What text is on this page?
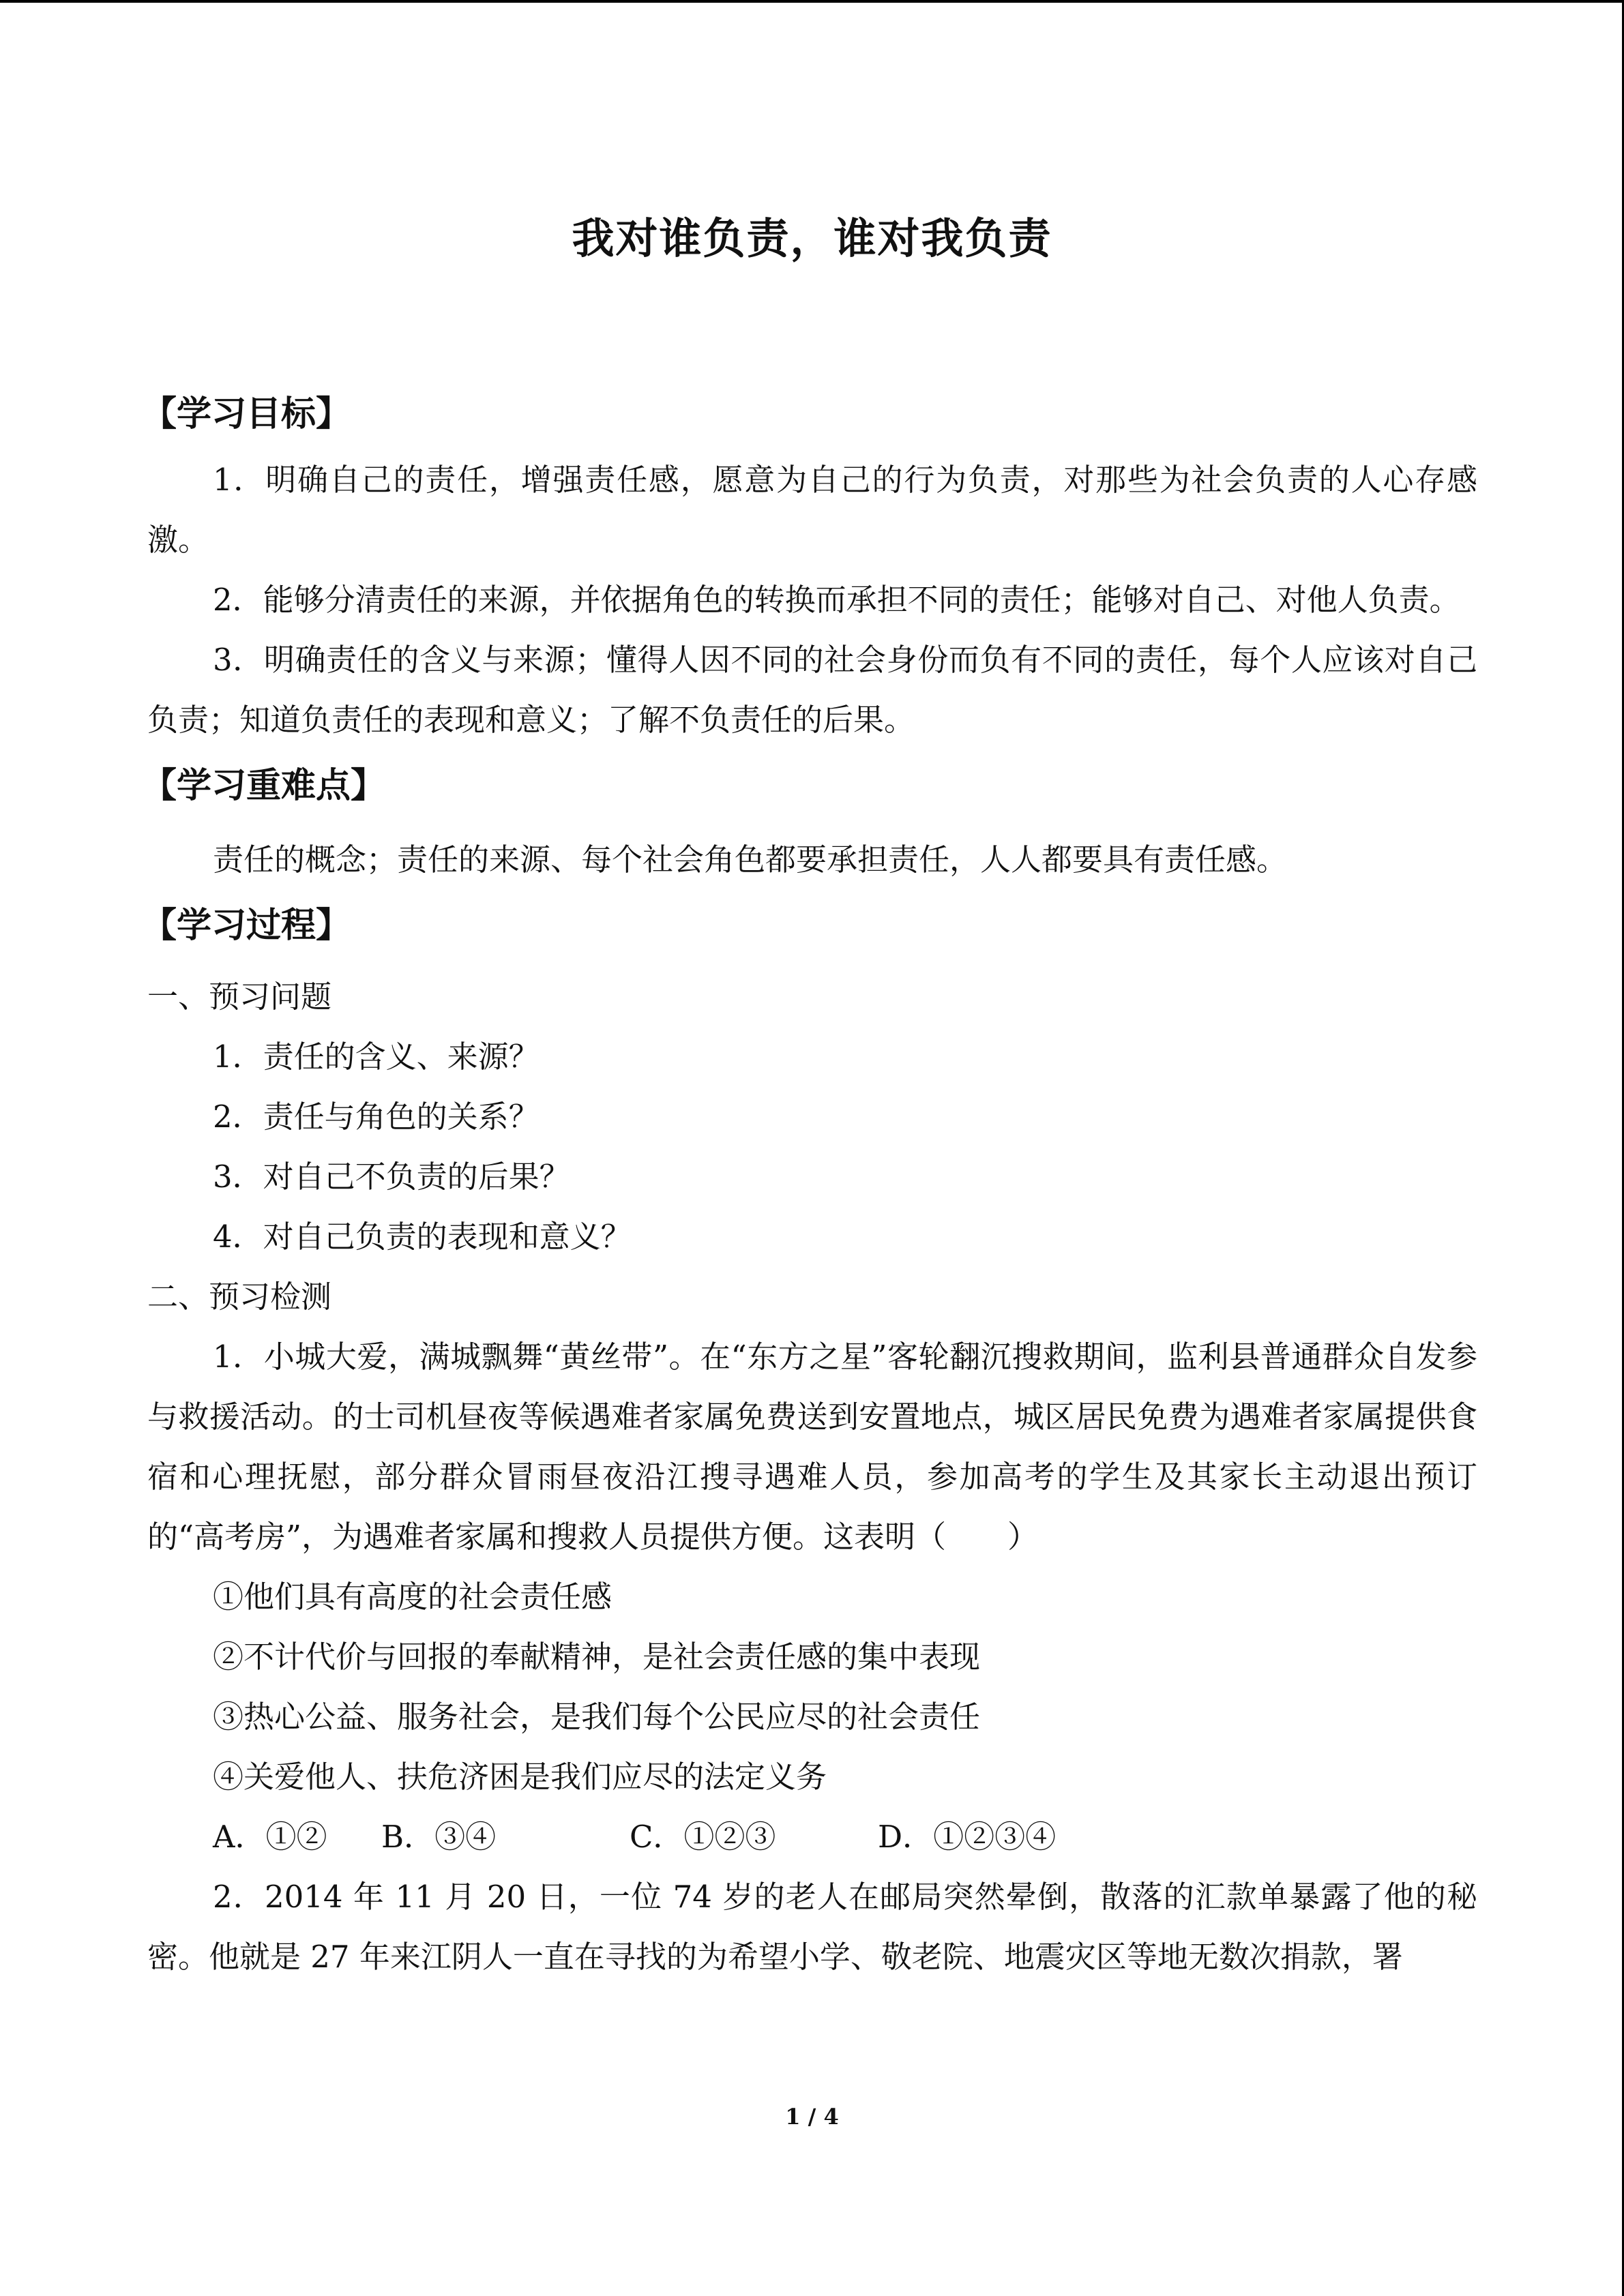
我对谁负责，谁对我负责
【学习目标】
1．明确自己的责任，增强责任感，愿意为自己的行为负责，对那些为社会负责的人心存感激。
2．能够分清责任的来源，并依据角色的转换而承担不同的责任；能够对自己、对他人负责。
3．明确责任的含义与来源；懂得人因不同的社会身份而负有不同的责任，每个人应该对自己负责；知道负责任的表现和意义；了解不负责任的后果。
【学习重难点】
责任的概念；责任的来源、每个社会角色都要承担责任，人人都要具有责任感。
【学习过程】
一、预习问题
1．责任的含义、来源？
2．责任与角色的关系？
3．对自己不负责的后果？
4．对自己负责的表现和意义？
二、预习检测
1．小城大爱，满城飘舞“黄丝带”。在“东方之星”客轮翻沉搜救期间，监利县普通群众自发参与救援活动。的士司机昼夜等候遇难者家属免费送到安置地点，城区居民免费为遇难者家属提供食宿和心理抚慰，部分群众冒雨昼夜沿江搜寻遇难人员，参加高考的学生及其家长主动退出预订的“高考房”，为遇难者家属和搜救人员提供方便。这表明（　　）
①他们具有高度的社会责任感
②不计代价与回报的奉献精神，是社会责任感的集中表现
③热心公益、服务社会，是我们每个公民应尽的社会责任
④关爱他人、扶危济困是我们应尽的法定义务
A．①② B．③④	C．①②③	D．①②③④
2．2014 年 11 月 20 日，一位 74 岁的老人在邮局突然晕倒，散落的汇款单暴露了他的秘密。他就是 27 年来江阴人一直在寻找的为希望小学、敬老院、地震灾区等地无数次捐款，署
1 / 4
